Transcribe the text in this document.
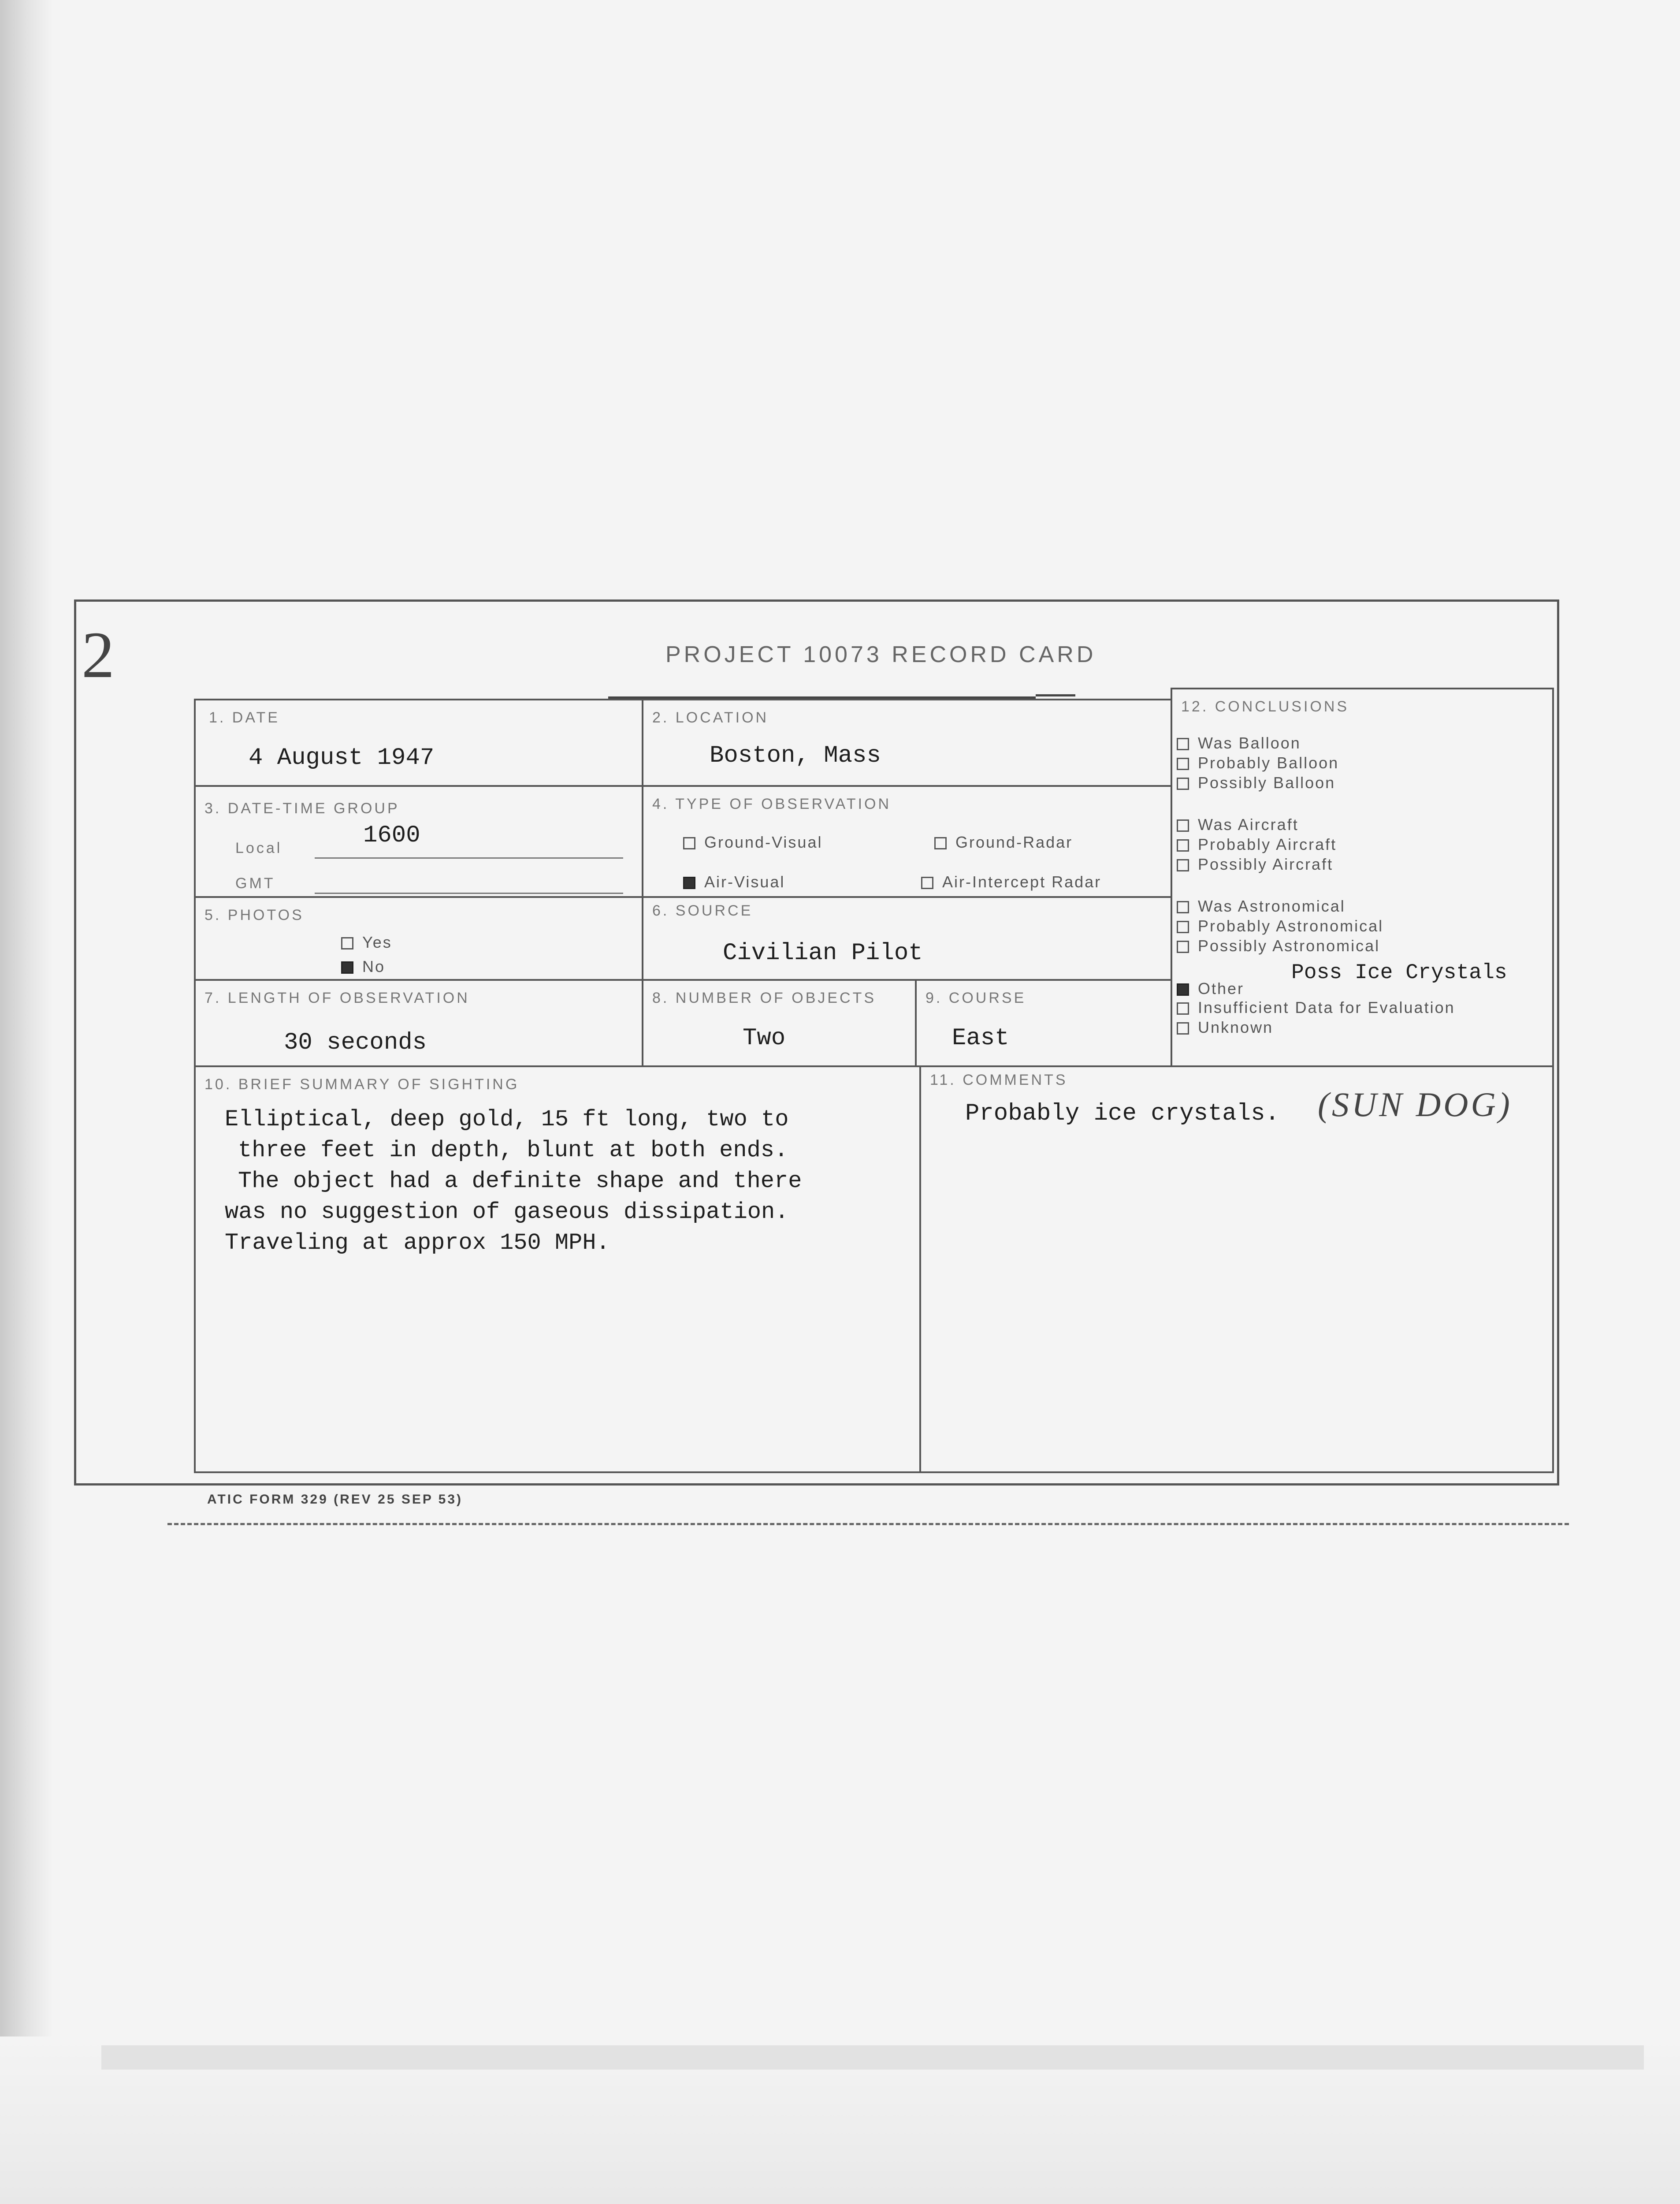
2	PROJECT 10073 RECORD CARD
1. DATE
4 August 1947
2. LOCATION
Boston, Mass
3. DATE-TIME GROUP
Local	1600
GMT
4. TYPE OF OBSERVATION
Ground-Visual	Ground-Radar
Air-Visual	Air-Intercept Radar
5. PHOTOS
Yes
No
6. SOURCE
Civilian Pilot
7. LENGTH OF OBSERVATION
30 seconds
8. NUMBER OF OBJECTS
Two
9. COURSE
East
12. CONCLUSIONS
Was Balloon
Probably Balloon
Possibly Balloon
Was Aircraft
Probably Aircraft
Possibly Aircraft
Was Astronomical
Probably Astronomical
Possibly Astronomical
Other
Poss Ice Crystals
Insufficient Data for Evaluation
Unknown
10. BRIEF SUMMARY OF SIGHTING
Elliptical, deep gold, 15 ft long, two to
three feet in depth, blunt at both ends.
The object had a definite shape and there
was no suggestion of gaseous dissipation.
Traveling at approx 150 MPH.
11. COMMENTS
Probably ice crystals. (SUN DOG)
ATIC FORM 329 (REV 25 SEP 53)
